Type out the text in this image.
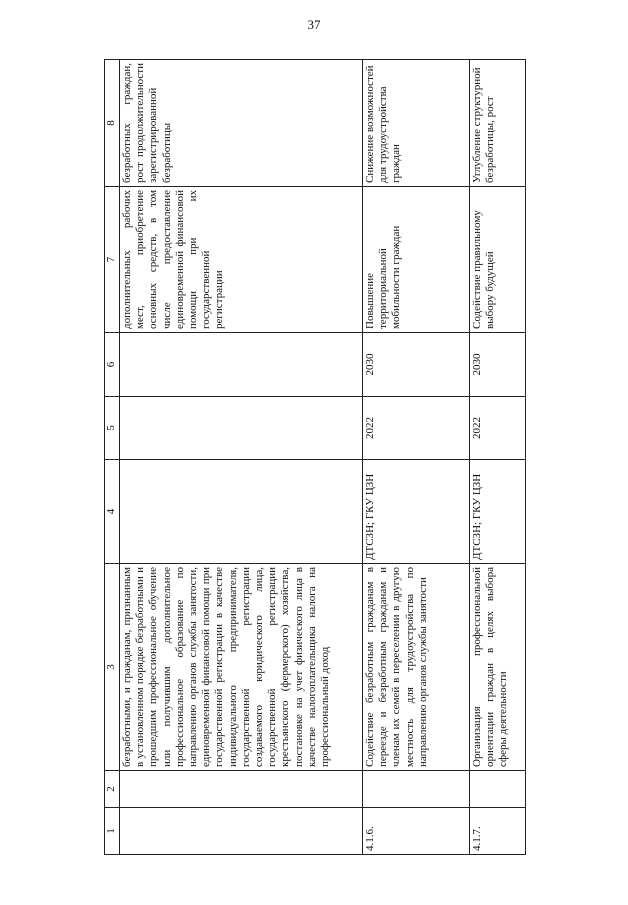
37
1	2	3	4	5	6	7	8
		безработными, и гражданам, признанным в установленном порядке безработными и прошедшим профессиональное обучение или получившим дополнительное профессиональное образование по направлению органов службы занятости, единовременной финансовой помощи при государственной регистрации в качестве индивидуального предпринимателя, государственной регистрации создаваемого юридического лица, государственной регистрации крестьянского (фермерского) хозяйства, постановке на учет физического лица в качестве налогоплательщика налога на профессиональный доход				дополнительных рабочих мест, приобретение основных средств, в том числе предоставление единовременной финансовой помощи при их государственной регистрации	безработных граждан, рост продолжительности зарегистрированной безработицы
4.1.6.		Содействие безработным гражданам в переезде и безработным гражданам и членам их семей в переселении в другую местность для трудоустройства по направлению органов службы занятости	ДТСЗН; ГКУ ЦЗН	2022	2030	Повышение территориальной мобильности граждан	Снижение возможностей для трудоустройства граждан
4.1.7.		Организация профессиональной ориентации граждан в целях выбора сферы деятельности	ДТСЗН; ГКУ ЦЗН	2022	2030	Содействие правильному выбору будущей	Углубление структурной безработицы, рост
